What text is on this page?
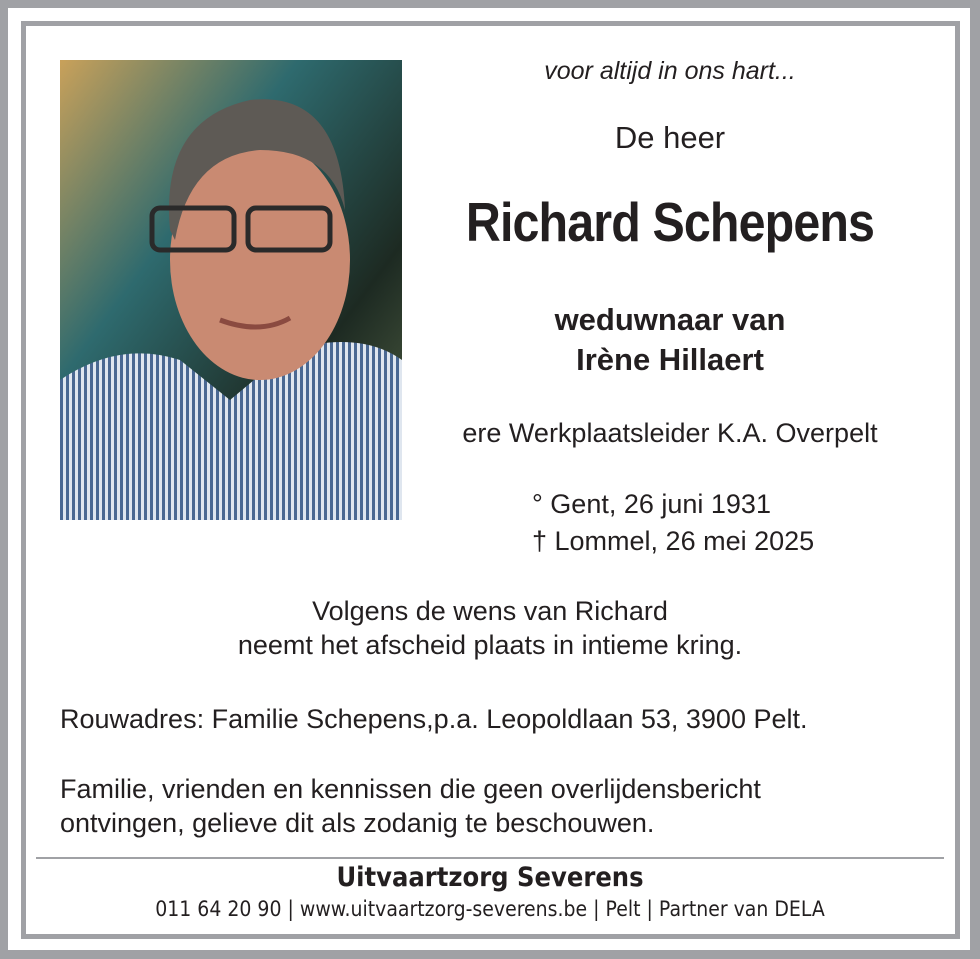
voor altijd in ons hart...
De heer
Richard Schepens
weduwnaar van
Irène Hillaert
ere Werkplaatsleider K.A. Overpelt
° Gent, 26 juni 1931
† Lommel, 26 mei 2025
Volgens de wens van Richard
neemt het afscheid plaats in intieme kring.
Rouwadres: Familie Schepens,p.a. Leopoldlaan 53, 3900 Pelt.
Familie, vrienden en kennissen die geen overlijdensbericht
ontvingen, gelieve dit als zodanig te beschouwen.
Uitvaartzorg Severens
011 64 20 90 | www.uitvaartzorg-severens.be | Pelt | Partner van DELA
